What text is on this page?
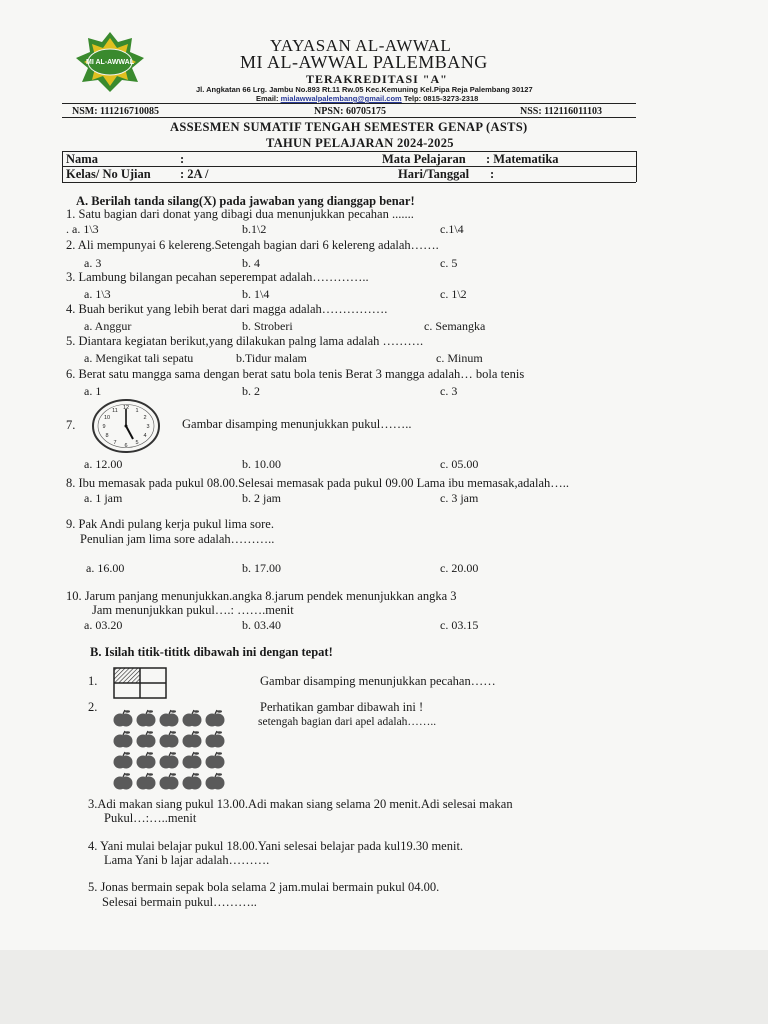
MI AL-AWWAL
YAYASAN AL-AWWAL
MI AL-AWWAL PALEMBANG
TERAKREDITASI "A"
Jl. Angkatan 66 Lrg. Jambu No.893 Rt.11 Rw.05 Kec.Kemuning Kel.Pipa Reja Palembang 30127
Email: mialawwalpalembang@gmail.com Telp: 0815-3273-2318
NSM: 111216710085	NPSN: 60705175	NSS: 112116011103
ASSESMEN SUMATIF TENGAH SEMESTER GENAP (ASTS)
TAHUN PELAJARAN 2024-2025
Nama	:	Mata Pelajaran : Matematika
Kelas/ No Ujian : 2A /	Hari/Tanggal :
A. Berilah tanda silang(X) pada jawaban yang dianggap benar!
1. Satu bagian dari donat yang dibagi dua menunjukkan pecahan .......
. a. 1\3	b.1\2	c.1\4
2. Ali mempunyai 6 kelereng.Setengah bagian dari 6 kelereng adalah…….
a. 3	b. 4	c. 5
3. Lambung bilangan pecahan seperempat adalah…………..
a. 1\3	b. 1\4	c. 1\2
4. Buah berikut yang lebih berat dari magga adalah…………….
a. Anggur	b. Stroberi	c. Semangka
5. Diantara kegiatan berikut,yang dilakukan palng lama adalah ……….
a. Mengikat tali sepatu	b.Tidur malam	c. Minum
6. Berat satu mangga sama dengan berat satu bola tenis Berat 3 mangga adalah… bola tenis
a. 1	b. 2	c. 3
7.
12 1
2
3
4
5
6
7
8
9
10
11
Gambar disamping menunjukkan pukul……..
a. 12.00	b. 10.00	c. 05.00
8. Ibu memasak pada pukul 08.00.Selesai memasak pada pukul 09.00 Lama ibu memasak,adalah…..
a. 1 jam	b. 2 jam	c. 3 jam
9. Pak Andi pulang kerja pukul lima sore.
Penulian jam lima sore adalah………..
a. 16.00	b. 17.00	c. 20.00
10. Jarum panjang menunjukkan.angka 8.jarum pendek menunjukkan angka 3
Jam menunjukkan pukul….: …….menit
a. 03.20	b. 03.40	c. 03.15
B. Isilah titik-tititk dibawah ini dengan tepat!
1.	Gambar disamping menunjukkan pecahan……
2.	Perhatikan gambar dibawah ini !
setengah bagian dari apel adalah……..
3.Adi makan siang pukul 13.00.Adi makan siang selama 20 menit.Adi selesai makan
Pukul…:…..menit
4. Yani mulai belajar pukul 18.00.Yani selesai belajar pada kul19.30 menit.
Lama Yani b lajar adalah……….
5. Jonas bermain sepak bola selama 2 jam.mulai bermain pukul 04.00.
Selesai bermain pukul………..
